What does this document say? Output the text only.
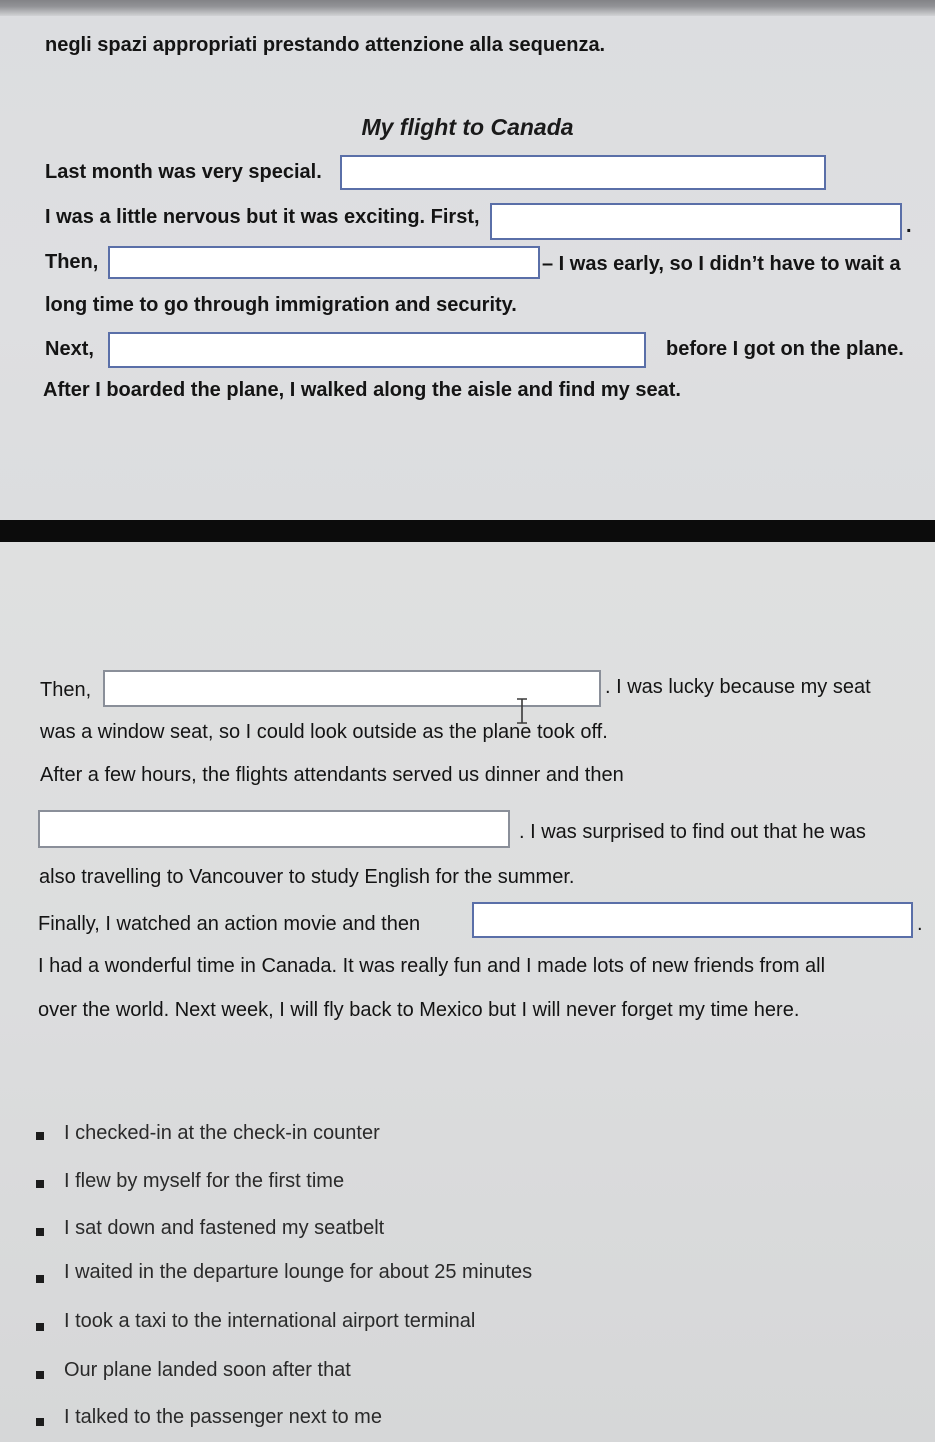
negli spazi appropriati prestando attenzione alla sequenza.
My flight to Canada
Last month was very special.
I was a little nervous but it was exciting. First,	.
Then,	– I was early, so I didn’t have to wait a
long time to go through immigration and security.
Next,	before I got on the plane.
After I boarded the plane, I walked along the aisle and find my seat.
Then,	. I was lucky because my seat
was a window seat, so I could look outside as the plane took off.
After a few hours, the flights attendants served us dinner and then
. I was surprised to find out that he was
also travelling to Vancouver to study English for the summer.
Finally, I watched an action movie and then	.
I had a wonderful time in Canada. It was really fun and I made lots of new friends from all
over the world. Next week, I will fly back to Mexico but I will never forget my time here.
I checked-in at the check-in counter
I flew by myself for the first time
I sat down and fastened my seatbelt
I waited in the departure lounge for about 25 minutes
I took a taxi to the international airport terminal
Our plane landed soon after that
I talked to the passenger next to me
